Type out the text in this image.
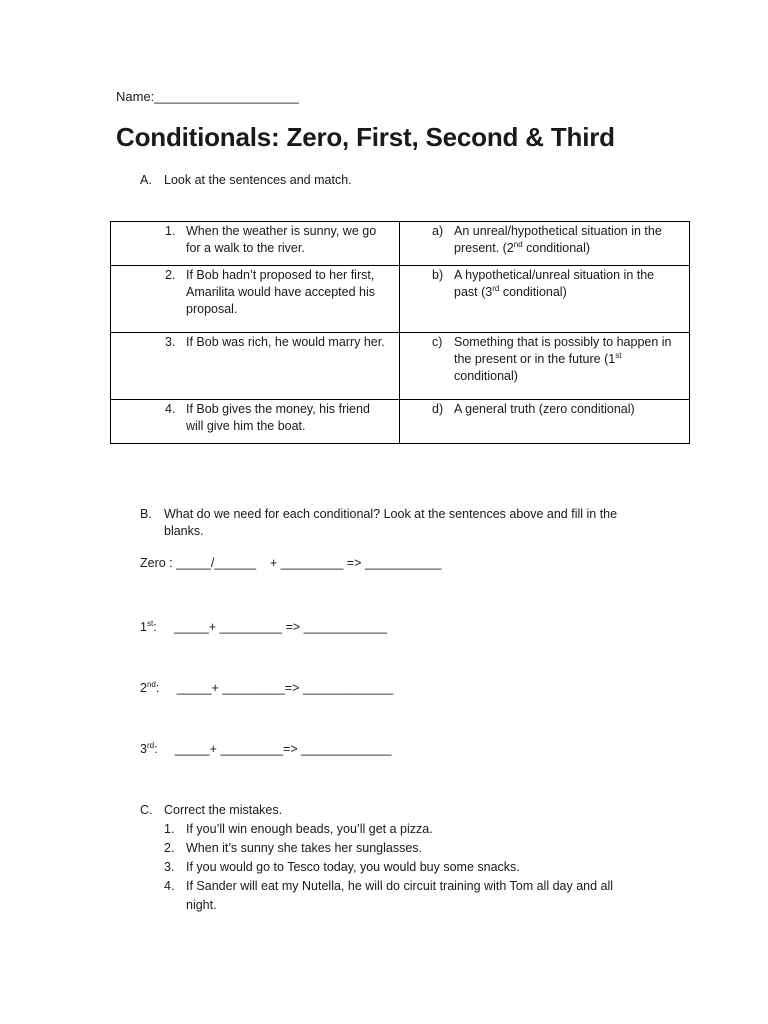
Name:____________________
Conditionals: Zero, First, Second & Third
A. Look at the sentences and match.
1. When the weather is sunny, we go for a walk to the river.	a) An unreal/hypothetical situation in the present. (2nd conditional)

2. If Bob hadn’t proposed to her first, Amarilita would have accepted his proposal.	b) A hypothetical/unreal situation in the past (3rd conditional)

3. If Bob was rich, he would marry her.	c) Something that is possibly to happen in the present or in the future (1st conditional)

4. If Bob gives the money, his friend will give him the boat.	d) A general truth (zero conditional)
B. What do we need for each conditional? Look at the sentences above and fill in the blanks.
Zero : _____/______    + _________ => ___________
1st:     _____+ _________ => ____________
2nd:     _____+ _________=> _____________
3rd:     _____+ _________=> _____________
C. Correct the mistakes.
1. If you’ll win enough beads, you’ll get a pizza.
2. When it’s sunny she takes her sunglasses.
3. If you would go to Tesco today, you would buy some snacks.
4. If Sander will eat my Nutella, he will do circuit training with Tom all day and all night.
